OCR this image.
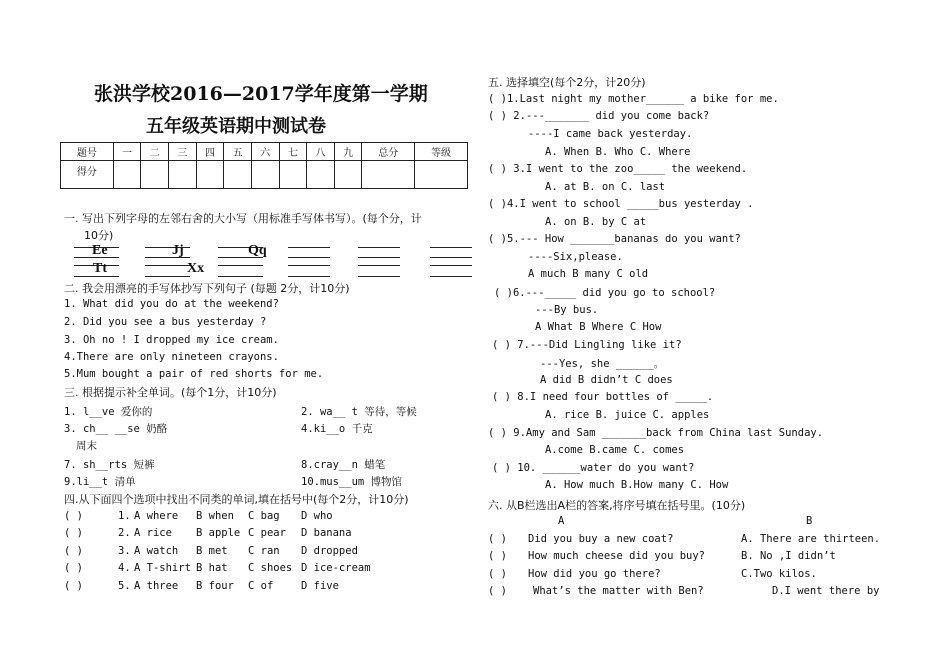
张洪学校2016—2017学年度第一学期
五年级英语期中测试卷
题号	一	二	三	四	五	六	七	八	九	总分	等级
得分											
一. 写出下列字母的左邻右舍的大小写（用标准手写体书写）。(每个分，计
10分)
Ee	Jj	Qq
Tt	Xx
二. 我会用漂亮的手写体抄写下列句子 (每题 2分，计10分)
1. What did you do at the weekend?
2. Did you see a bus yesterday ?
3. Oh no ! I dropped my ice cream.
4.There are only nineteen crayons.
5.Mum bought a pair of red shorts for me.
三. 根据提示补全单词。(每个1分，计10分)
1. l__ve 爱你的	2. wa__ t 等待，等候
3. ch__ __se 奶酪	4.ki__o 千克
周末
7. sh__rts 短裤	8.cray__n 蜡笔
9.li__t 清单	10.mus__um 博物馆
四.从下面四个选项中找出不同类的单词,填在括号中(每个2分，计10分)
( )	1. A where B when C bag D who
( )	2. A rice B apple C pear D banana
( )	3. A watch B met C ran D dropped
( )	4. A T-shirt B hat C shoes D ice-cream
( )	5. A three B four C of	D five
五. 选择填空(每个2分，计20分)
( )1.Last night my mother______ a bike for me.
( ) 2.---_______ did you come back?
----I came back yesterday.
A. When B. Who C. Where
( ) 3.I went to the zoo_____ the weekend.
A. at B. on C. last
( )4.I went to school _____bus yesterday .
A. on B. by C at
( )5.--- How _______bananas do you want?
----Six,please.
A much B many C old
( )6.---_____ did you go to school?
---By bus.
A What B Where C How
( ) 7.---Did Lingling like it?
---Yes, she ______。
A did B didn’t C does
( ) 8.I need four bottles of _____.
A. rice B. juice C. apples
( ) 9.Amy and Sam _______back from China last Sunday.
A.come B.came C. comes
( ) 10. ______water do you want?
A. How much B.How many C. How
六. 从B栏选出A栏的答案,将序号填在括号里。(10分)
A	B
( ) Did you buy a new coat?	A. There are thirteen.
( ) How much cheese did you buy?	B. No ,I didn’t
( ) How did you go there?	C.Two kilos.
( ) What’s the matter with Ben?	D.I went there by
